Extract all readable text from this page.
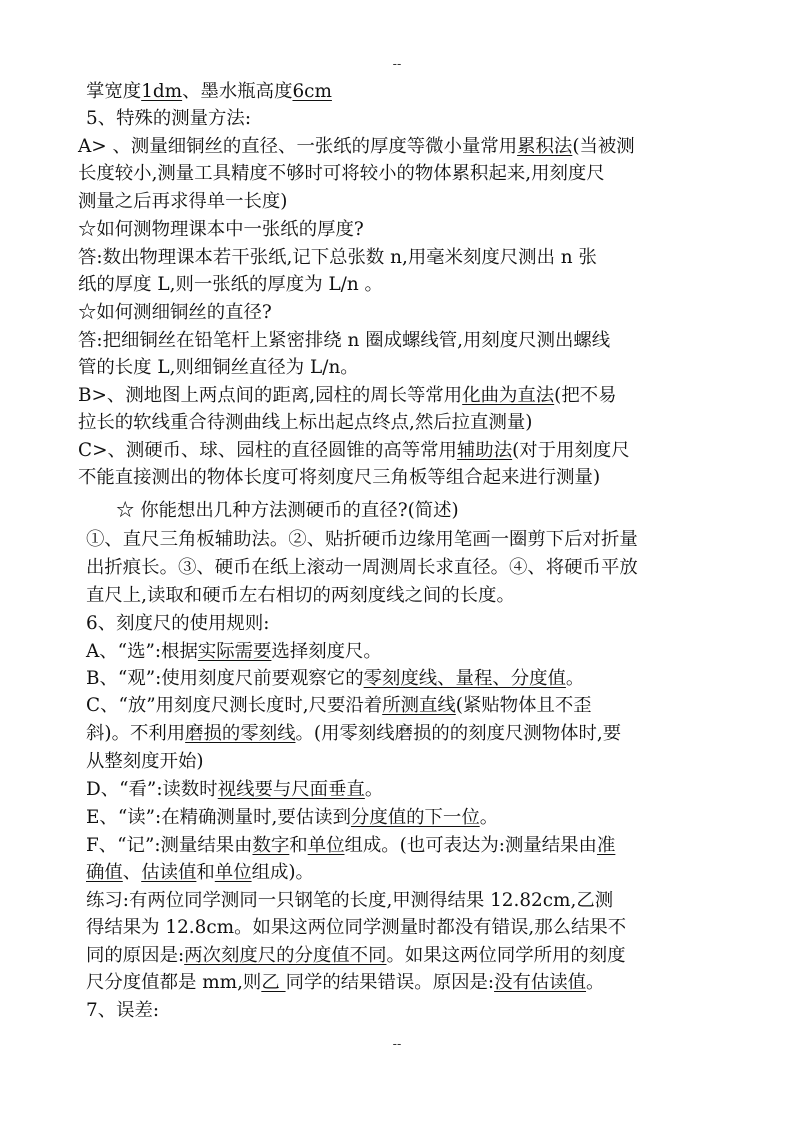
--
掌宽度1dm、墨水瓶高度6cm
5、特殊的测量方法:
A> 、测量细铜丝的直径、一张纸的厚度等微小量常用累积法(当被测
长度较小,测量工具精度不够时可将较小的物体累积起来,用刻度尺
测量之后再求得单一长度)
☆如何测物理课本中一张纸的厚度?
答:数出物理课本若干张纸,记下总张数 n,用毫米刻度尺测出 n 张
纸的厚度 L,则一张纸的厚度为 L/n 。
☆如何测细铜丝的直径?
答:把细铜丝在铅笔杆上紧密排绕 n 圈成螺线管,用刻度尺测出螺线
管的长度 L,则细铜丝直径为 L/n。
B>、测地图上两点间的距离,园柱的周长等常用化曲为直法(把不易
拉长的软线重合待测曲线上标出起点终点,然后拉直测量)
C>、测硬币、球、园柱的直径圆锥的高等常用辅助法(对于用刻度尺
不能直接测出的物体长度可将刻度尺三角板等组合起来进行测量)
☆ 你能想出几种方法测硬币的直径?(简述)
①、直尺三角板辅助法。②、贴折硬币边缘用笔画一圈剪下后对折量
出折痕长。③、硬币在纸上滚动一周测周长求直径。④、将硬币平放
直尺上,读取和硬币左右相切的两刻度线之间的长度。
6、刻度尺的使用规则:
A、“选”:根据实际需要选择刻度尺。
B、“观”:使用刻度尺前要观察它的零刻度线、量程、分度值。
C、“放”用刻度尺测长度时,尺要沿着所测直线(紧贴物体且不歪
斜)。不利用磨损的零刻线。(用零刻线磨损的的刻度尺测物体时,要
从整刻度开始)
D、“看”:读数时视线要与尺面垂直。
E、“读”:在精确测量时,要估读到分度值的下一位。
F、“记”:测量结果由数字和单位组成。(也可表达为:测量结果由准
确值、估读值和单位组成)。
练习:有两位同学测同一只钢笔的长度,甲测得结果 12.82cm,乙测
得结果为 12.8cm。如果这两位同学测量时都没有错误,那么结果不
同的原因是:两次刻度尺的分度值不同。如果这两位同学所用的刻度
尺分度值都是 mm,则乙 同学的结果错误。原因是:没有估读值。
7、误差:
--
